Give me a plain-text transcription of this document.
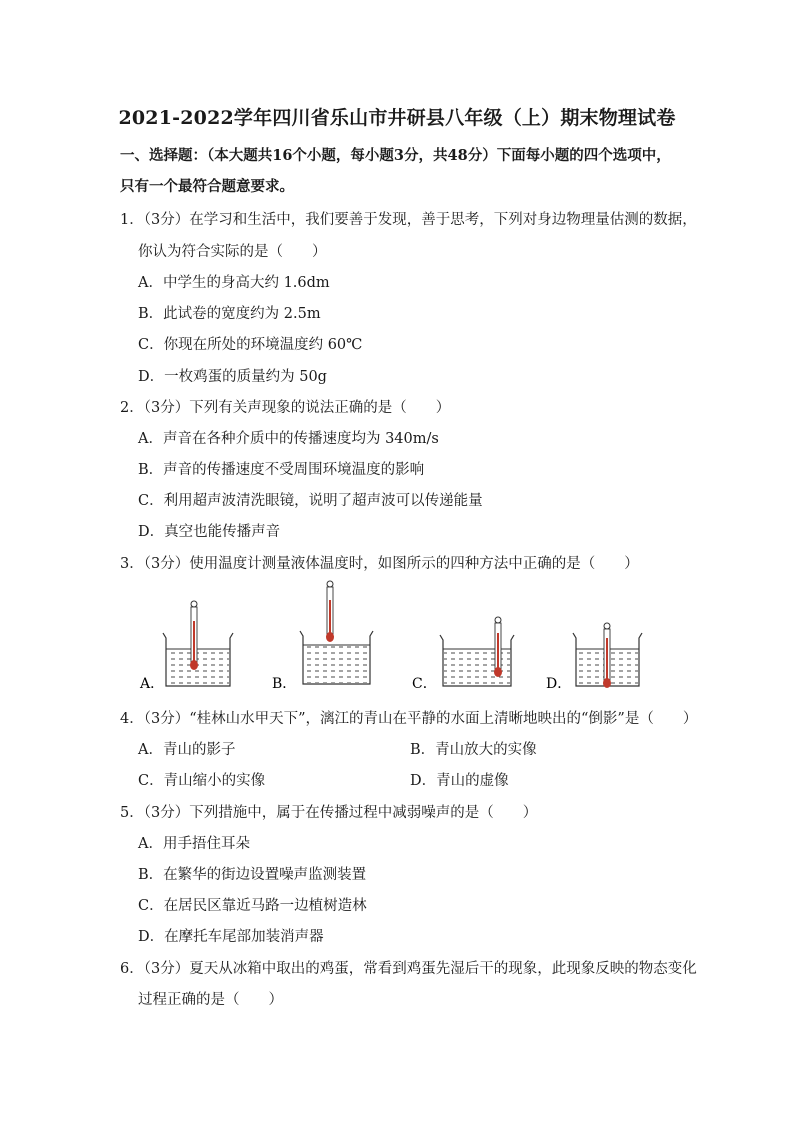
2021-2022学年四川省乐山市井研县八年级（上）期末物理试卷
一、选择题：（本大题共16个小题，每小题3分，共48分）下面每小题的四个选项中，
只有一个最符合题意要求。
1．（3分）在学习和生活中，我们要善于发现，善于思考，下列对身边物理量估测的数据，
你认为符合实际的是（　　）
A．中学生的身高大约 1.6dm
B．此试卷的宽度约为 2.5m
C．你现在所处的环境温度约 60℃
D．一枚鸡蛋的质量约为 50g
2．（3分）下列有关声现象的说法正确的是（　　）
A．声音在各种介质中的传播速度均为 340m/s
B．声音的传播速度不受周围环境温度的影响
C．利用超声波清洗眼镜，说明了超声波可以传递能量
D．真空也能传播声音
3．（3分）使用温度计测量液体温度时，如图所示的四种方法中正确的是（　　）
A．	B．	C．	D．
4．（3分）“桂林山水甲天下”，漓江的青山在平静的水面上清晰地映出的“倒影”是（　　）
A．青山的影子	B．青山放大的实像
C．青山缩小的实像	D．青山的虚像
5．（3分）下列措施中，属于在传播过程中减弱噪声的是（　　）
A．用手捂住耳朵
B．在繁华的街边设置噪声监测装置
C．在居民区靠近马路一边植树造林
D．在摩托车尾部加装消声器
6．（3分）夏天从冰箱中取出的鸡蛋，常看到鸡蛋先湿后干的现象，此现象反映的物态变化
过程正确的是（　　）
